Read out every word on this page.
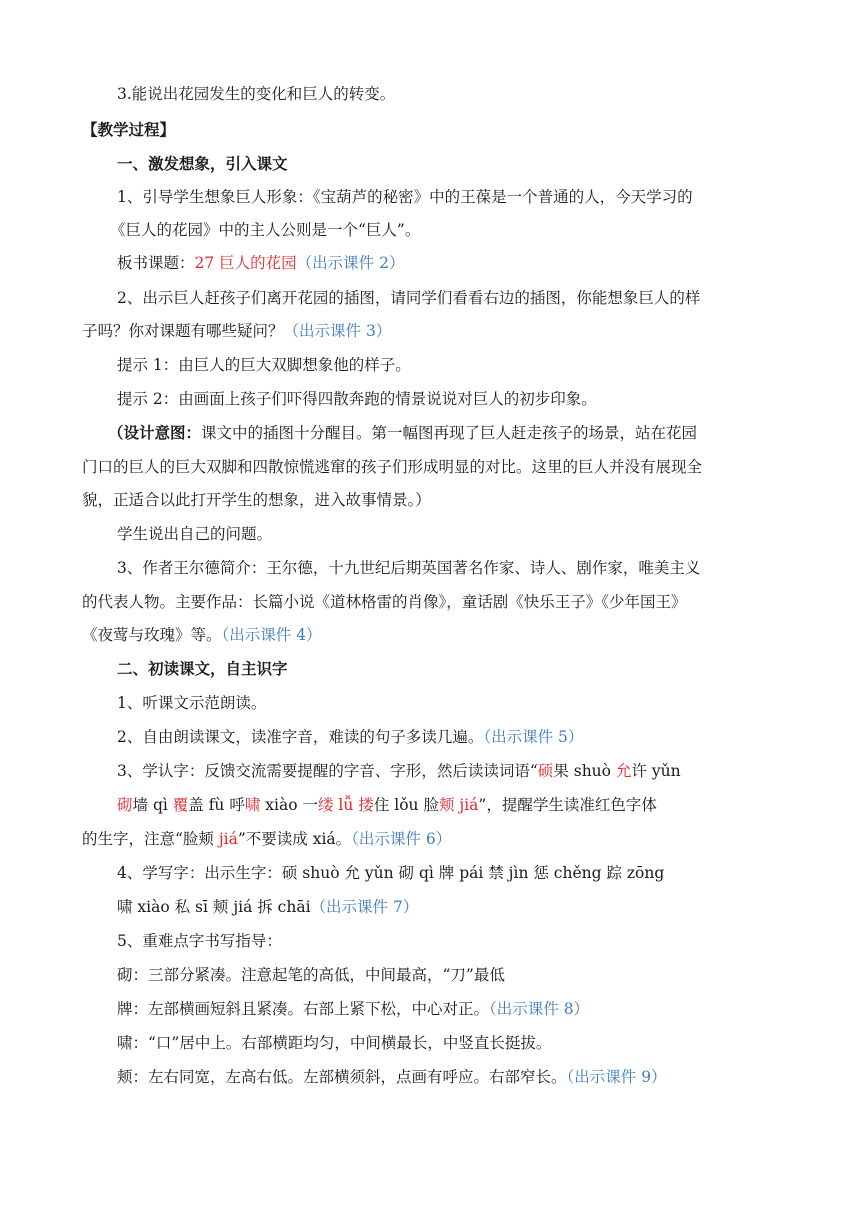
3.能说出花园发生的变化和巨人的转变。
【教学过程】
一、激发想象，引入课文
1、引导学生想象巨人形象：《宝葫芦的秘密》中的王葆是一个普通的人，今天学习的
《巨人的花园》中的主人公则是一个“巨人”。
板书课题：27 巨人的花园（出示课件 2）
2、出示巨人赶孩子们离开花园的插图，请同学们看看右边的插图，你能想象巨人的样
子吗？你对课题有哪些疑问？（出示课件 3）
提示 1：由巨人的巨大双脚想象他的样子。
提示 2：由画面上孩子们吓得四散奔跑的情景说说对巨人的初步印象。
（设计意图：课文中的插图十分醒目。第一幅图再现了巨人赶走孩子的场景，站在花园
门口的巨人的巨大双脚和四散惊慌逃窜的孩子们形成明显的对比。这里的巨人并没有展现全
貌，正适合以此打开学生的想象，进入故事情景。）
学生说出自己的问题。
3、作者王尔德简介：王尔德，十九世纪后期英国著名作家、诗人、剧作家，唯美主义
的代表人物。主要作品：长篇小说《道林格雷的肖像》，童话剧《快乐王子》《少年国王》
《夜莺与玫瑰》等。（出示课件 4）
二、初读课文，自主识字
1、听课文示范朗读。
2、自由朗读课文，读准字音，难读的句子多读几遍。（出示课件 5）
3、学认字：反馈交流需要提醒的字音、字形，然后读读词语“硕果 shuò 允许 yǔn
砌墙 qì 覆盖 fù 呼啸 xiào 一缕 lǚ 搂住 lǒu 脸颊 jiá”，提醒学生读准红色字体
的生字，注意“脸颊 jiá”不要读成 xiá。（出示课件 6）
4、学写字：出示生字：硕 shuò 允 yǔn 砌 qì 牌 pái 禁 jìn 惩 chěng 踪 zōng
啸 xiào 私 sī 颊 jiá 拆 chāi（出示课件 7）
5、重难点字书写指导：
砌：三部分紧凑。注意起笔的高低，中间最高，“刀”最低
牌：左部横画短斜且紧凑。右部上紧下松，中心对正。（出示课件 8）
啸：“口”居中上。右部横距均匀，中间横最长，中竖直长挺拔。
颊：左右同宽，左高右低。左部横须斜，点画有呼应。右部窄长。（出示课件 9）
